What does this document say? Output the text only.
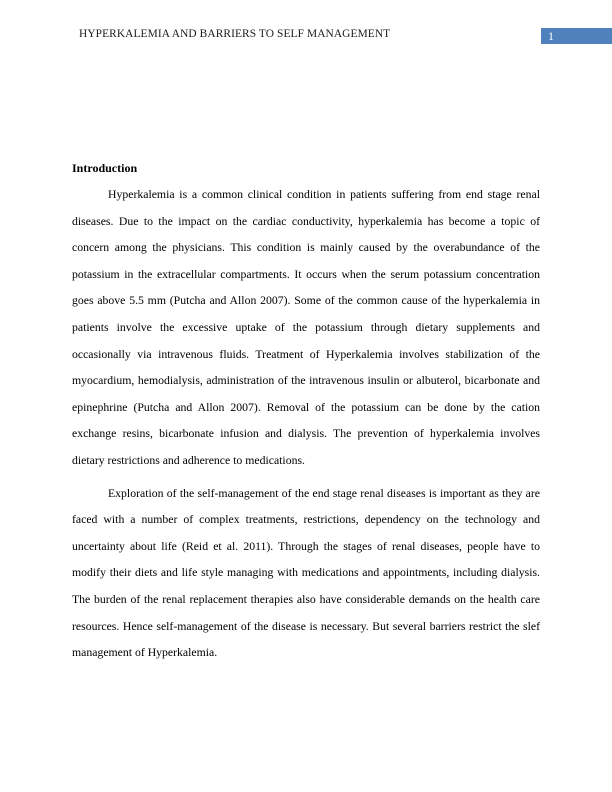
HYPERKALEMIA AND BARRIERS TO SELF MANAGEMENT	1
Introduction

Hyperkalemia is a common clinical condition in patients suffering from end stage renal diseases. Due to the impact on the cardiac conductivity, hyperkalemia has become a topic of concern among the physicians. This condition is mainly caused by the overabundance of the potassium in the extracellular compartments. It occurs when the serum potassium concentration goes above 5.5 mm (Putcha and Allon 2007). Some of the common cause of the hyperkalemia in patients involve the excessive uptake of the potassium through dietary supplements and occasionally via intravenous fluids. Treatment of Hyperkalemia involves stabilization of the myocardium, hemodialysis, administration of the intravenous insulin or albuterol, bicarbonate and epinephrine (Putcha and Allon 2007). Removal of the potassium can be done by the cation exchange resins, bicarbonate infusion and dialysis. The prevention of hyperkalemia involves dietary restrictions and adherence to medications.

Exploration of the self-management of the end stage renal diseases is important as they are faced with a number of complex treatments, restrictions, dependency on the technology and uncertainty about life (Reid et al. 2011). Through the stages of renal diseases, people have to modify their diets and life style managing with medications and appointments, including dialysis. The burden of the renal replacement therapies also have considerable demands on the health care resources. Hence self-management of the disease is necessary. But several barriers restrict the slef management of Hyperkalemia.
